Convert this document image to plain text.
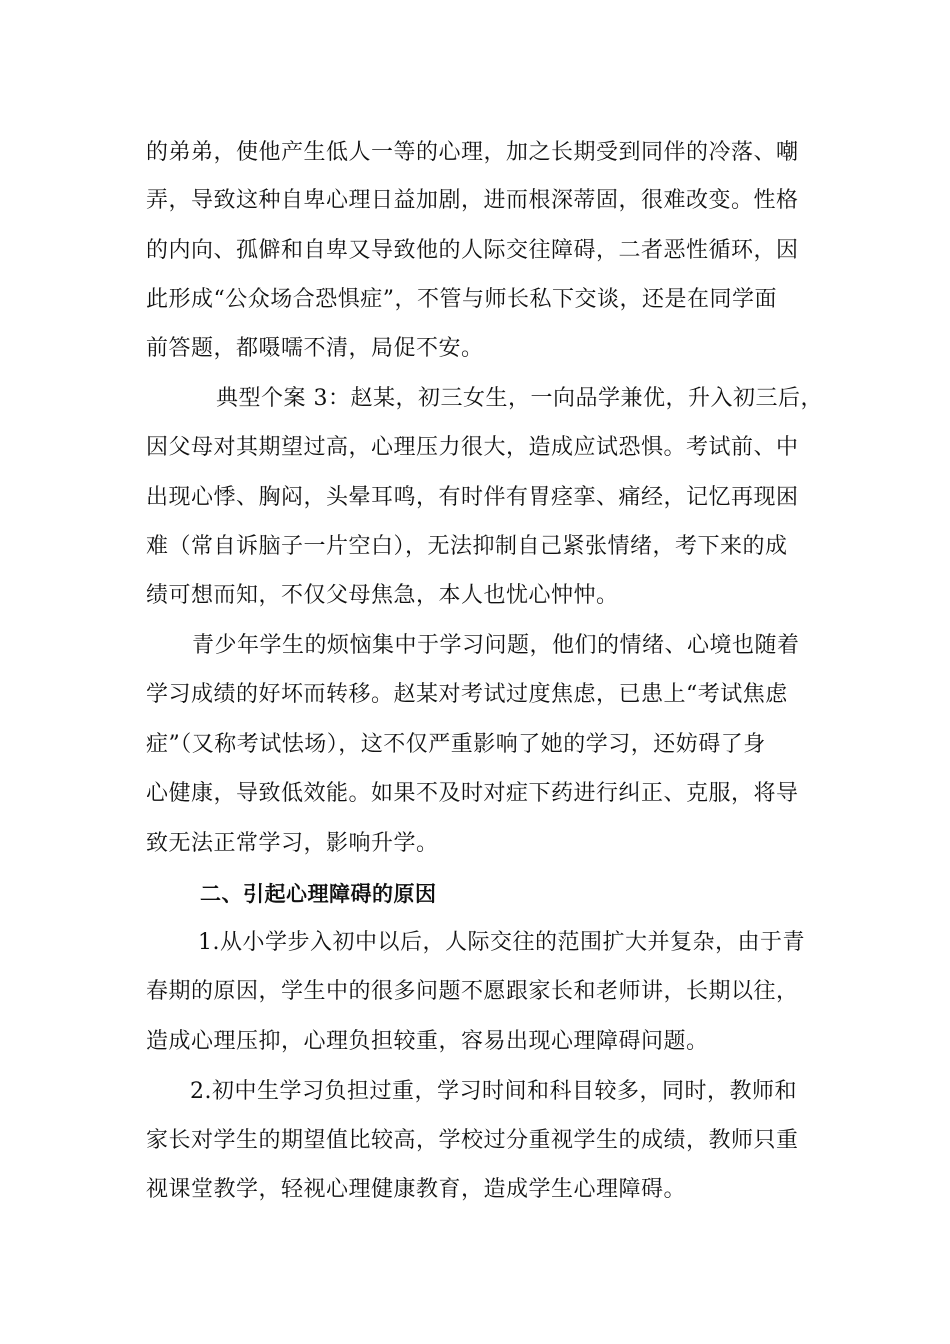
的弟弟，使他产生低人一等的心理，加之长期受到同伴的冷落、嘲
弄，导致这种自卑心理日益加剧，进而根深蒂固，很难改变。性格
的内向、孤僻和自卑又导致他的人际交往障碍，二者恶性循环，因
此形成“公众场合恐惧症”，不管与师长私下交谈，还是在同学面
前答题，都嗫嚅不清，局促不安。
典型个案 3：赵某，初三女生，一向品学兼优，升入初三后，
因父母对其期望过高，心理压力很大，造成应试恐惧。考试前、中
出现心悸、胸闷，头晕耳鸣，有时伴有胃痉挛、痛经，记忆再现困
难（常自诉脑子一片空白），无法抑制自己紧张情绪，考下来的成
绩可想而知，不仅父母焦急，本人也忧心忡忡。
青少年学生的烦恼集中于学习问题，他们的情绪、心境也随着
学习成绩的好坏而转移。赵某对考试过度焦虑，已患上“考试焦虑
症”（又称考试怯场），这不仅严重影响了她的学习，还妨碍了身
心健康，导致低效能。如果不及时对症下药进行纠正、克服，将导
致无法正常学习，影响升学。
二、引起心理障碍的原因
1.从小学步入初中以后，人际交往的范围扩大并复杂，由于青
春期的原因，学生中的很多问题不愿跟家长和老师讲，长期以往，
造成心理压抑，心理负担较重，容易出现心理障碍问题。
2.初中生学习负担过重，学习时间和科目较多，同时，教师和
家长对学生的期望值比较高，学校过分重视学生的成绩，教师只重
视课堂教学，轻视心理健康教育，造成学生心理障碍。
